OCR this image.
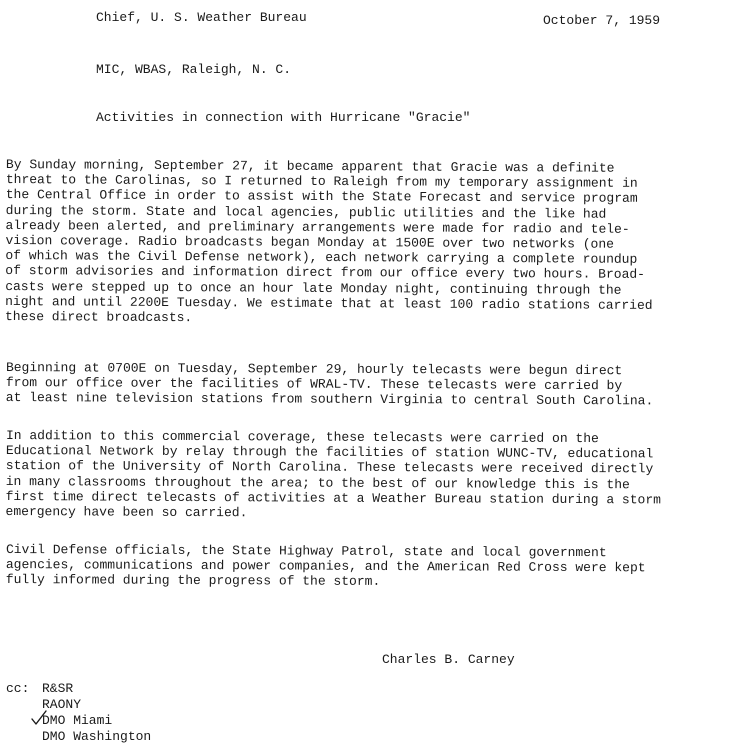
Chief, U. S. Weather Bureau	October 7, 1959
MIC, WBAS, Raleigh, N. C.
Activities in connection with Hurricane "Gracie"

By Sunday morning, September 27, it became apparent that Gracie was a definite
threat to the Carolinas, so I returned to Raleigh from my temporary assignment in
the Central Office in order to assist with the State Forecast and service program
during the storm. State and local agencies, public utilities and the like had
already been alerted, and preliminary arrangements were made for radio and tele-
vision coverage. Radio broadcasts began Monday at 1500E over two networks (one
of which was the Civil Defense network), each network carrying a complete roundup
of storm advisories and information direct from our office every two hours. Broad-
casts were stepped up to once an hour late Monday night, continuing through the
night and until 2200E Tuesday. We estimate that at least 100 radio stations carried
these direct broadcasts.

Beginning at 0700E on Tuesday, September 29, hourly telecasts were begun direct
from our office over the facilities of WRAL-TV. These telecasts were carried by
at least nine television stations from southern Virginia to central South Carolina.

In addition to this commercial coverage, these telecasts were carried on the
Educational Network by relay through the facilities of station WUNC-TV, educational
station of the University of North Carolina. These telecasts were received directly
in many classrooms throughout the area; to the best of our knowledge this is the
first time direct telecasts of activities at a Weather Bureau station during a storm
emergency have been so carried.

Civil Defense officials, the State Highway Patrol, state and local government
agencies, communications and power companies, and the American Red Cross were kept
fully informed during the progress of the storm.

Charles B. Carney
cc: R&SR
RAONY
DMO Miami
DMO Washington
